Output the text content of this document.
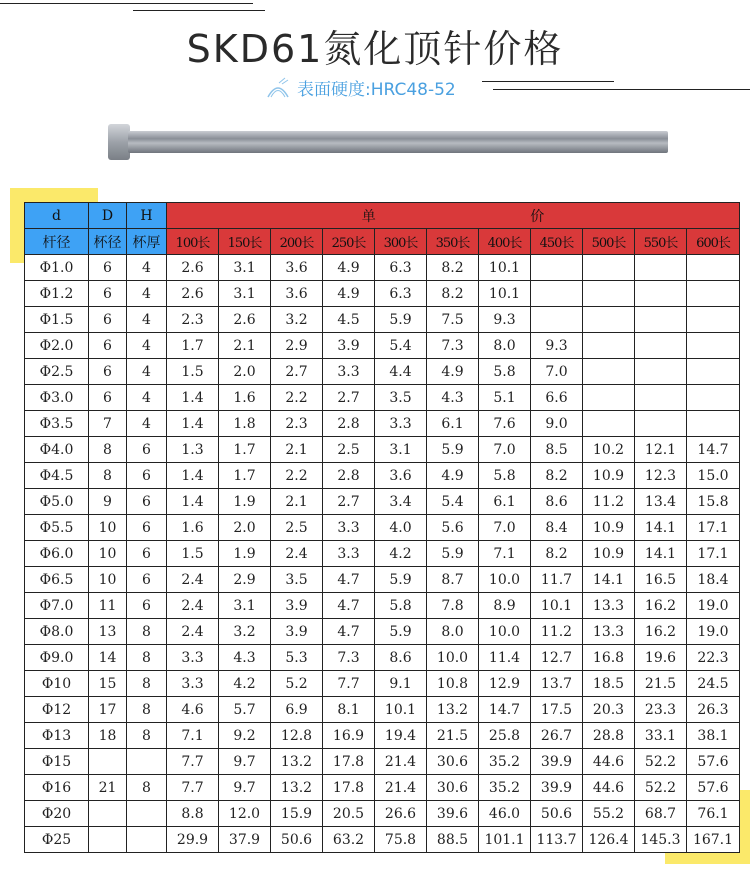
SKD61氮化顶针价格
表面硬度:HRC48-52
d	D	H	单 价										
杆径	杯径	杯厚	100长	150长	200长	250长	300长	350长	400长	450长	500长	550长	600长
Φ1.0	6	4	2.6	3.1	3.6	4.9	6.3	8.2	10.1				
Φ1.2	6	4	2.6	3.1	3.6	4.9	6.3	8.2	10.1				
Φ1.5	6	4	2.3	2.6	3.2	4.5	5.9	7.5	9.3				
Φ2.0	6	4	1.7	2.1	2.9	3.9	5.4	7.3	8.0	9.3			
Φ2.5	6	4	1.5	2.0	2.7	3.3	4.4	4.9	5.8	7.0			
Φ3.0	6	4	1.4	1.6	2.2	2.7	3.5	4.3	5.1	6.6			
Φ3.5	7	4	1.4	1.8	2.3	2.8	3.3	6.1	7.6	9.0			
Φ4.0	8	6	1.3	1.7	2.1	2.5	3.1	5.9	7.0	8.5	10.2	12.1	14.7
Φ4.5	8	6	1.4	1.7	2.2	2.8	3.6	4.9	5.8	8.2	10.9	12.3	15.0
Φ5.0	9	6	1.4	1.9	2.1	2.7	3.4	5.4	6.1	8.6	11.2	13.4	15.8
Φ5.5	10	6	1.6	2.0	2.5	3.3	4.0	5.6	7.0	8.4	10.9	14.1	17.1
Φ6.0	10	6	1.5	1.9	2.4	3.3	4.2	5.9	7.1	8.2	10.9	14.1	17.1
Φ6.5	10	6	2.4	2.9	3.5	4.7	5.9	8.7	10.0	11.7	14.1	16.5	18.4
Φ7.0	11	6	2.4	3.1	3.9	4.7	5.8	7.8	8.9	10.1	13.3	16.2	19.0
Φ8.0	13	8	2.4	3.2	3.9	4.7	5.9	8.0	10.0	11.2	13.3	16.2	19.0
Φ9.0	14	8	3.3	4.3	5.3	7.3	8.6	10.0	11.4	12.7	16.8	19.6	22.3
Φ10	15	8	3.3	4.2	5.2	7.7	9.1	10.8	12.9	13.7	18.5	21.5	24.5
Φ12	17	8	4.6	5.7	6.9	8.1	10.1	13.2	14.7	17.5	20.3	23.3	26.3
Φ13	18	8	7.1	9.2	12.8	16.9	19.4	21.5	25.8	26.7	28.8	33.1	38.1
Φ15			7.7	9.7	13.2	17.8	21.4	30.6	35.2	39.9	44.6	52.2	57.6
Φ16	21	8	7.7	9.7	13.2	17.8	21.4	30.6	35.2	39.9	44.6	52.2	57.6
Φ20			8.8	12.0	15.9	20.5	26.6	39.6	46.0	50.6	55.2	68.7	76.1
Φ25			29.9	37.9	50.6	63.2	75.8	88.5	101.1	113.7	126.4	145.3	167.1
